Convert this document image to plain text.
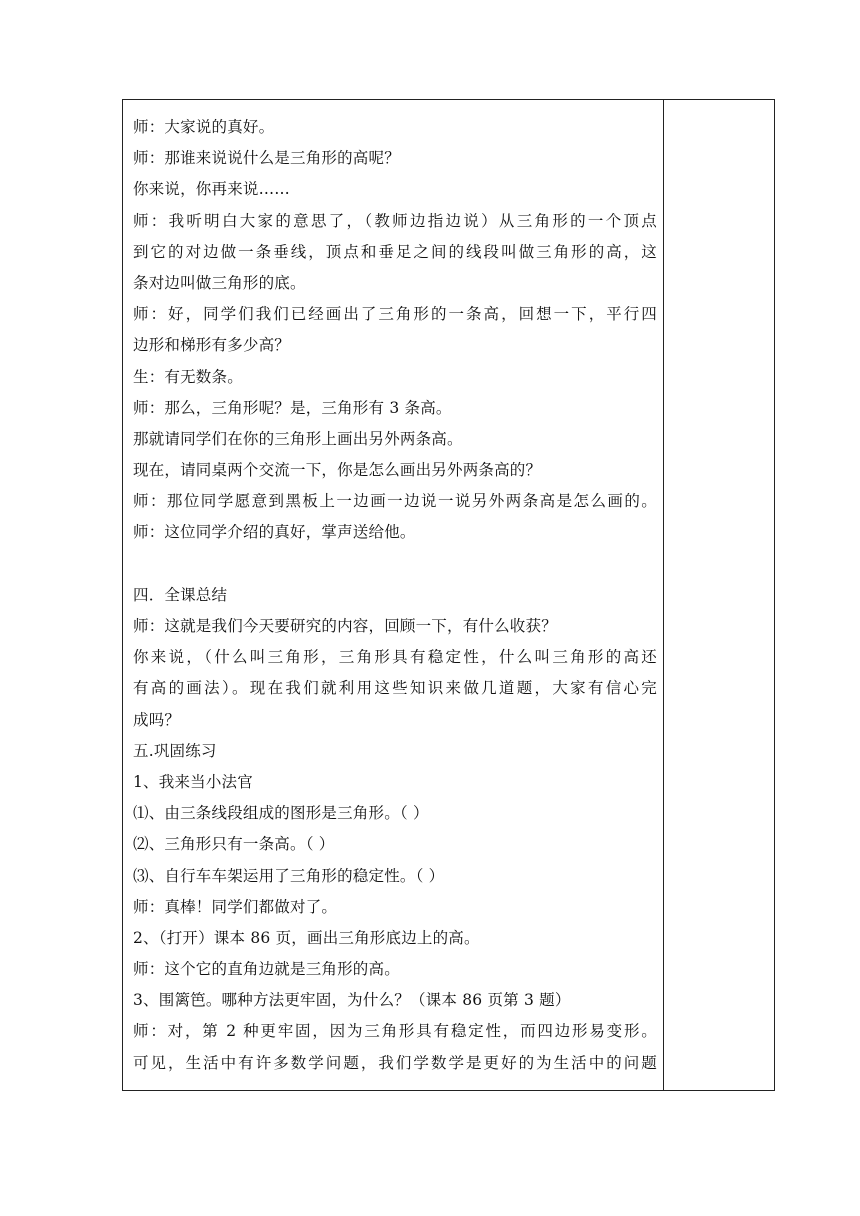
师：大家说的真好。
师：那谁来说说什么是三角形的高呢？
你来说，你再来说……
师：我听明白大家的意思了，（教师边指边说）从三角形的一个顶点
到它的对边做一条垂线，顶点和垂足之间的线段叫做三角形的高，这
条对边叫做三角形的底。
师：好，同学们我们已经画出了三角形的一条高，回想一下，平行四
边形和梯形有多少高？
生：有无数条。
师：那么，三角形呢？是，三角形有 3 条高。
那就请同学们在你的三角形上画出另外两条高。
现在，请同桌两个交流一下，你是怎么画出另外两条高的？
师：那位同学愿意到黑板上一边画一边说一说另外两条高是怎么画的。
师：这位同学介绍的真好，掌声送给他。
四．全课总结
师：这就是我们今天要研究的内容，回顾一下，有什么收获？
你来说，（什么叫三角形，三角形具有稳定性，什么叫三角形的高还
有高的画法）。现在我们就利用这些知识来做几道题，大家有信心完
成吗？
五.巩固练习
1、我来当小法官
⑴、由三条线段组成的图形是三角形。（ ）
⑵、三角形只有一条高。（ ）
⑶、自行车车架运用了三角形的稳定性。（ ）
师：真棒！同学们都做对了。
2、（打开）课本 86 页，画出三角形底边上的高。
师：这个它的直角边就是三角形的高。
3、围篱笆。哪种方法更牢固，为什么？（课本 86 页第 3 题）
师：对，第 2 种更牢固，因为三角形具有稳定性，而四边形易变形。
可见，生活中有许多数学问题，我们学数学是更好的为生活中的问题
